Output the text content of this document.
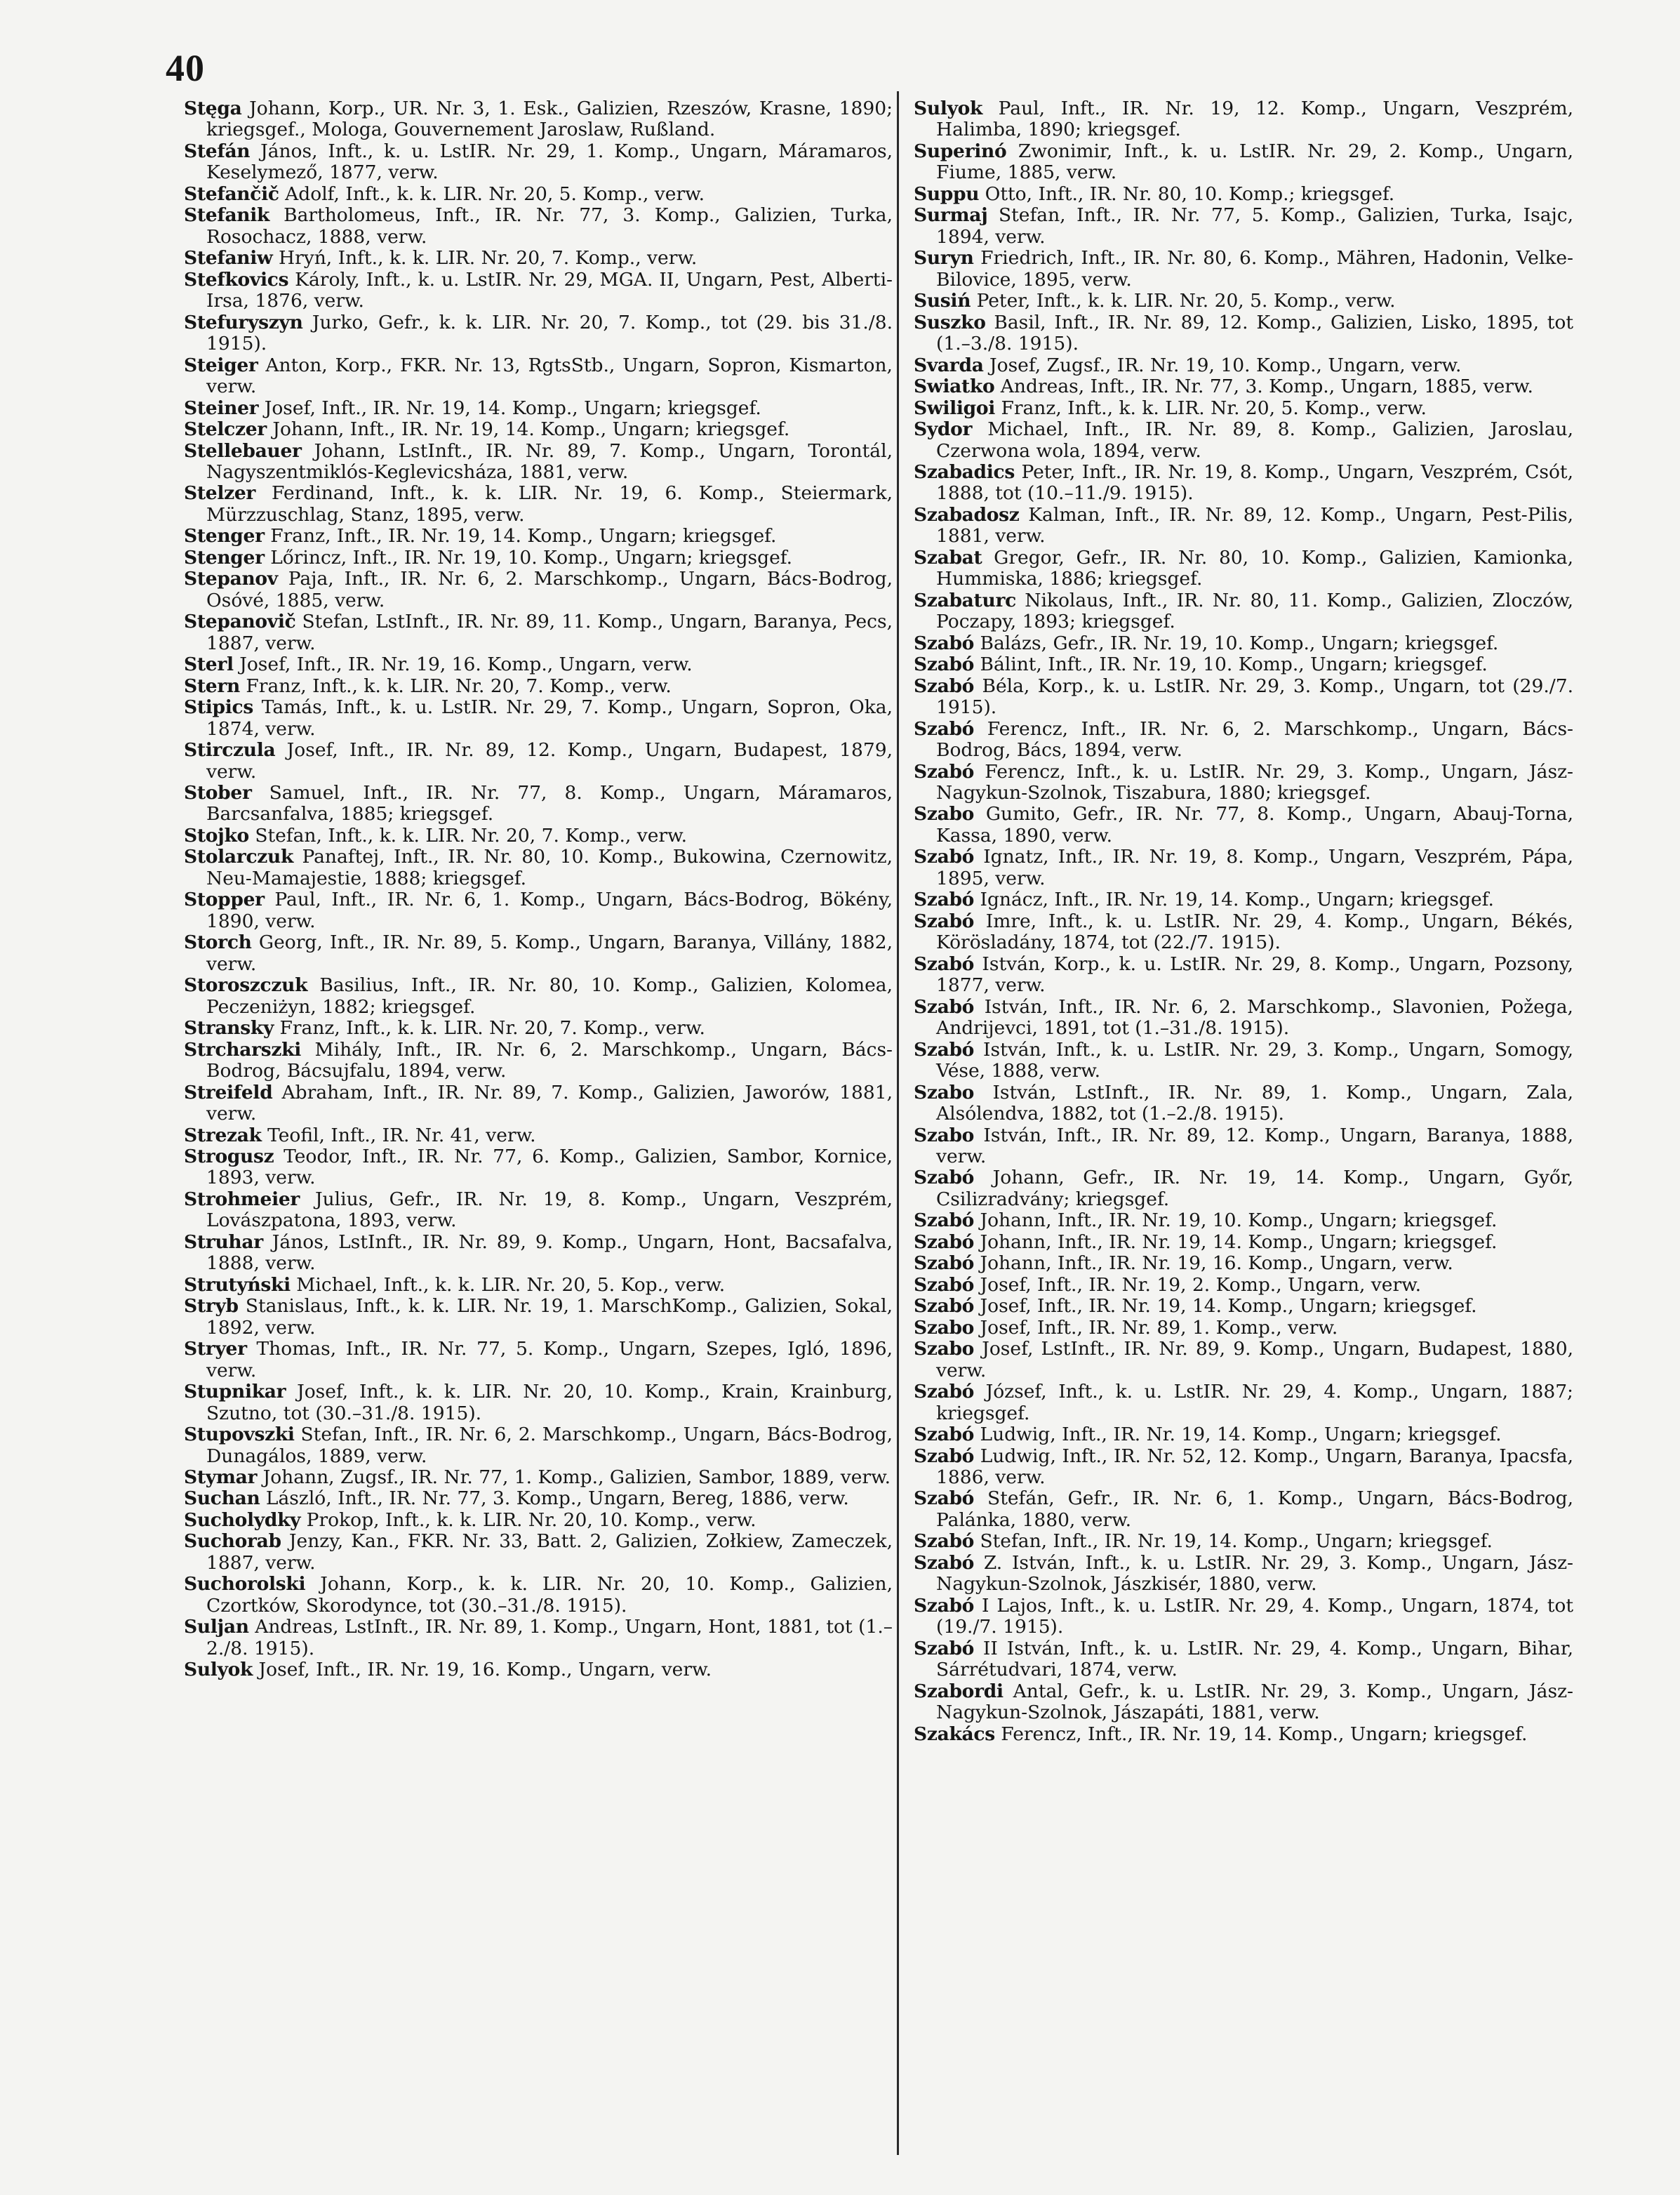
40

Stęga Johann, Korp., UR. Nr. 3, 1. Esk., Galizien, Rzeszów, Krasne, 1890; kriegsgef., Mologa, Gouvernement Jaroslaw, Rußland.

Stefán János, Inft., k. u. LstIR. Nr. 29, 1. Komp., Ungarn, Máramaros, Keselymező, 1877, verw.

Stefančič Adolf, Inft., k. k. LIR. Nr. 20, 5. Komp., verw.

Stefanik Bartholomeus, Inft., IR. Nr. 77, 3. Komp., Galizien, Turka, Rosochacz, 1888, verw.

Stefaniw Hryń, Inft., k. k. LIR. Nr. 20, 7. Komp., verw.

Stefkovics Károly, Inft., k. u. LstIR. Nr. 29, MGA. II, Ungarn, Pest, Alberti-Irsa, 1876, verw.

Stefuryszyn Jurko, Gefr., k. k. LIR. Nr. 20, 7. Komp., tot (29. bis 31./8. 1915).

Steiger Anton, Korp., FKR. Nr. 13, RgtsStb., Ungarn, Sopron, Kismarton, verw.

Steiner Josef, Inft., IR. Nr. 19, 14. Komp., Ungarn; kriegsgef.

Stelczer Johann, Inft., IR. Nr. 19, 14. Komp., Ungarn; kriegsgef.

Stellebauer Johann, LstInft., IR. Nr. 89, 7. Komp., Ungarn, Torontál, Nagyszentmiklós-Keglevicsháza, 1881, verw.

Stelzer Ferdinand, Inft., k. k. LIR. Nr. 19, 6. Komp., Steiermark, Mürzzuschlag, Stanz, 1895, verw.

Stenger Franz, Inft., IR. Nr. 19, 14. Komp., Ungarn; kriegsgef.

Stenger Lőrincz, Inft., IR. Nr. 19, 10. Komp., Ungarn; kriegsgef.

Stepanov Paja, Inft., IR. Nr. 6, 2. Marschkomp., Ungarn, Bács-Bodrog, Osóvé, 1885, verw.

Stepanovič Stefan, LstInft., IR. Nr. 89, 11. Komp., Ungarn, Baranya, Pecs, 1887, verw.

Sterl Josef, Inft., IR. Nr. 19, 16. Komp., Ungarn, verw.

Stern Franz, Inft., k. k. LIR. Nr. 20, 7. Komp., verw.

Stipics Tamás, Inft., k. u. LstIR. Nr. 29, 7. Komp., Ungarn, Sopron, Oka, 1874, verw.

Stirczula Josef, Inft., IR. Nr. 89, 12. Komp., Ungarn, Budapest, 1879, verw.

Stober Samuel, Inft., IR. Nr. 77, 8. Komp., Ungarn, Máramaros, Barcsanfalva, 1885; kriegsgef.

Stojko Stefan, Inft., k. k. LIR. Nr. 20, 7. Komp., verw.

Stolarczuk Panaftej, Inft., IR. Nr. 80, 10. Komp., Bukowina, Czernowitz, Neu-Mamajestie, 1888; kriegsgef.

Stopper Paul, Inft., IR. Nr. 6, 1. Komp., Ungarn, Bács-Bodrog, Bökény, 1890, verw.

Storch Georg, Inft., IR. Nr. 89, 5. Komp., Ungarn, Baranya, Villány, 1882, verw.

Storoszczuk Basilius, Inft., IR. Nr. 80, 10. Komp., Galizien, Kolomea, Peczeniżyn, 1882; kriegsgef.

Stransky Franz, Inft., k. k. LIR. Nr. 20, 7. Komp., verw.

Strcharszki Mihály, Inft., IR. Nr. 6, 2. Marschkomp., Ungarn, Bács-Bodrog, Bácsujfalu, 1894, verw.

Streifeld Abraham, Inft., IR. Nr. 89, 7. Komp., Galizien, Jaworów, 1881, verw.

Strezak Teofil, Inft., IR. Nr. 41, verw.

Strogusz Teodor, Inft., IR. Nr. 77, 6. Komp., Galizien, Sambor, Kornice, 1893, verw.

Strohmeier Julius, Gefr., IR. Nr. 19, 8. Komp., Ungarn, Veszprém, Lovászpatona, 1893, verw.

Struhar János, LstInft., IR. Nr. 89, 9. Komp., Ungarn, Hont, Bacsafalva, 1888, verw.

Strutyński Michael, Inft., k. k. LIR. Nr. 20, 5. Kop., verw.

Stryb Stanislaus, Inft., k. k. LIR. Nr. 19, 1. MarschKomp., Galizien, Sokal, 1892, verw.

Stryer Thomas, Inft., IR. Nr. 77, 5. Komp., Ungarn, Szepes, Igló, 1896, verw.

Stupnikar Josef, Inft., k. k. LIR. Nr. 20, 10. Komp., Krain, Krainburg, Szutno, tot (30.–31./8. 1915).

Stupovszki Stefan, Inft., IR. Nr. 6, 2. Marschkomp., Ungarn, Bács-Bodrog, Dunagálos, 1889, verw.

Stymar Johann, Zugsf., IR. Nr. 77, 1. Komp., Galizien, Sambor, 1889, verw.

Suchan László, Inft., IR. Nr. 77, 3. Komp., Ungarn, Bereg, 1886, verw.

Sucholydky Prokop, Inft., k. k. LIR. Nr. 20, 10. Komp., verw.

Suchorab Jenzy, Kan., FKR. Nr. 33, Batt. 2, Galizien, Zołkiew, Zameczek, 1887, verw.

Suchorolski Johann, Korp., k. k. LIR. Nr. 20, 10. Komp., Galizien, Czortków, Skorodynce, tot (30.–31./8. 1915).

Suljan Andreas, LstInft., IR. Nr. 89, 1. Komp., Ungarn, Hont, 1881, tot (1.–2./8. 1915).

Sulyok Josef, Inft., IR. Nr. 19, 16. Komp., Ungarn, verw.

Sulyok Paul, Inft., IR. Nr. 19, 12. Komp., Ungarn, Veszprém, Halimba, 1890; kriegsgef.

Superinó Zwonimir, Inft., k. u. LstIR. Nr. 29, 2. Komp., Ungarn, Fiume, 1885, verw.

Suppu Otto, Inft., IR. Nr. 80, 10. Komp.; kriegsgef.

Surmaj Stefan, Inft., IR. Nr. 77, 5. Komp., Galizien, Turka, Isajc, 1894, verw.

Suryn Friedrich, Inft., IR. Nr. 80, 6. Komp., Mähren, Hadonin, Velke-Bilovice, 1895, verw.

Susiń Peter, Inft., k. k. LIR. Nr. 20, 5. Komp., verw.

Suszko Basil, Inft., IR. Nr. 89, 12. Komp., Galizien, Lisko, 1895, tot (1.–3./8. 1915).

Svarda Josef, Zugsf., IR. Nr. 19, 10. Komp., Ungarn, verw.

Swiatko Andreas, Inft., IR. Nr. 77, 3. Komp., Ungarn, 1885, verw.

Swiligoi Franz, Inft., k. k. LIR. Nr. 20, 5. Komp., verw.

Sydor Michael, Inft., IR. Nr. 89, 8. Komp., Galizien, Jaroslau, Czerwona wola, 1894, verw.

Szabadics Peter, Inft., IR. Nr. 19, 8. Komp., Ungarn, Veszprém, Csót, 1888, tot (10.–11./9. 1915).

Szabadosz Kalman, Inft., IR. Nr. 89, 12. Komp., Ungarn, Pest-Pilis, 1881, verw.

Szabat Gregor, Gefr., IR. Nr. 80, 10. Komp., Galizien, Kamionka, Hummiska, 1886; kriegsgef.

Szabaturc Nikolaus, Inft., IR. Nr. 80, 11. Komp., Galizien, Zloczów, Poczapy, 1893; kriegsgef.

Szabó Balázs, Gefr., IR. Nr. 19, 10. Komp., Ungarn; kriegsgef.

Szabó Bálint, Inft., IR. Nr. 19, 10. Komp., Ungarn; kriegsgef.

Szabó Béla, Korp., k. u. LstIR. Nr. 29, 3. Komp., Ungarn, tot (29./7. 1915).

Szabó Ferencz, Inft., IR. Nr. 6, 2. Marschkomp., Ungarn, Bács-Bodrog, Bács, 1894, verw.

Szabó Ferencz, Inft., k. u. LstIR. Nr. 29, 3. Komp., Ungarn, Jász-Nagykun-Szolnok, Tiszabura, 1880; kriegsgef.

Szabo Gumito, Gefr., IR. Nr. 77, 8. Komp., Ungarn, Abauj-Torna, Kassa, 1890, verw.

Szabó Ignatz, Inft., IR. Nr. 19, 8. Komp., Ungarn, Veszprém, Pápa, 1895, verw.

Szabó Ignácz, Inft., IR. Nr. 19, 14. Komp., Ungarn; kriegsgef.

Szabó Imre, Inft., k. u. LstIR. Nr. 29, 4. Komp., Ungarn, Békés, Körösladány, 1874, tot (22./7. 1915).

Szabó István, Korp., k. u. LstIR. Nr. 29, 8. Komp., Ungarn, Pozsony, 1877, verw.

Szabó István, Inft., IR. Nr. 6, 2. Marschkomp., Slavonien, Požega, Andrijevci, 1891, tot (1.–31./8. 1915).

Szabó István, Inft., k. u. LstIR. Nr. 29, 3. Komp., Ungarn, Somogy, Vése, 1888, verw.

Szabo István, LstInft., IR. Nr. 89, 1. Komp., Ungarn, Zala, Alsólendva, 1882, tot (1.–2./8. 1915).

Szabo István, Inft., IR. Nr. 89, 12. Komp., Ungarn, Baranya, 1888, verw.

Szabó Johann, Gefr., IR. Nr. 19, 14. Komp., Ungarn, Győr, Csilizradvány; kriegsgef.

Szabó Johann, Inft., IR. Nr. 19, 10. Komp., Ungarn; kriegsgef.

Szabó Johann, Inft., IR. Nr. 19, 14. Komp., Ungarn; kriegsgef.

Szabó Johann, Inft., IR. Nr. 19, 16. Komp., Ungarn, verw.

Szabó Josef, Inft., IR. Nr. 19, 2. Komp., Ungarn, verw.

Szabó Josef, Inft., IR. Nr. 19, 14. Komp., Ungarn; kriegsgef.

Szabo Josef, Inft., IR. Nr. 89, 1. Komp., verw.

Szabo Josef, LstInft., IR. Nr. 89, 9. Komp., Ungarn, Budapest, 1880, verw.

Szabó József, Inft., k. u. LstIR. Nr. 29, 4. Komp., Ungarn, 1887; kriegsgef.

Szabó Ludwig, Inft., IR. Nr. 19, 14. Komp., Ungarn; kriegsgef.

Szabó Ludwig, Inft., IR. Nr. 52, 12. Komp., Ungarn, Baranya, Ipacsfa, 1886, verw.

Szabó Stefán, Gefr., IR. Nr. 6, 1. Komp., Ungarn, Bács-Bodrog, Palánka, 1880, verw.

Szabó Stefan, Inft., IR. Nr. 19, 14. Komp., Ungarn; kriegsgef.

Szabó Z. István, Inft., k. u. LstIR. Nr. 29, 3. Komp., Ungarn, Jász-Nagykun-Szolnok, Jászkisér, 1880, verw.

Szabó I Lajos, Inft., k. u. LstIR. Nr. 29, 4. Komp., Ungarn, 1874, tot (19./7. 1915).

Szabó II István, Inft., k. u. LstIR. Nr. 29, 4. Komp., Ungarn, Bihar, Sárrétudvari, 1874, verw.

Szabordi Antal, Gefr., k. u. LstIR. Nr. 29, 3. Komp., Ungarn, Jász-Nagykun-Szolnok, Jászapáti, 1881, verw.

Szakács Ferencz, Inft., IR. Nr. 19, 14. Komp., Ungarn; kriegsgef.
